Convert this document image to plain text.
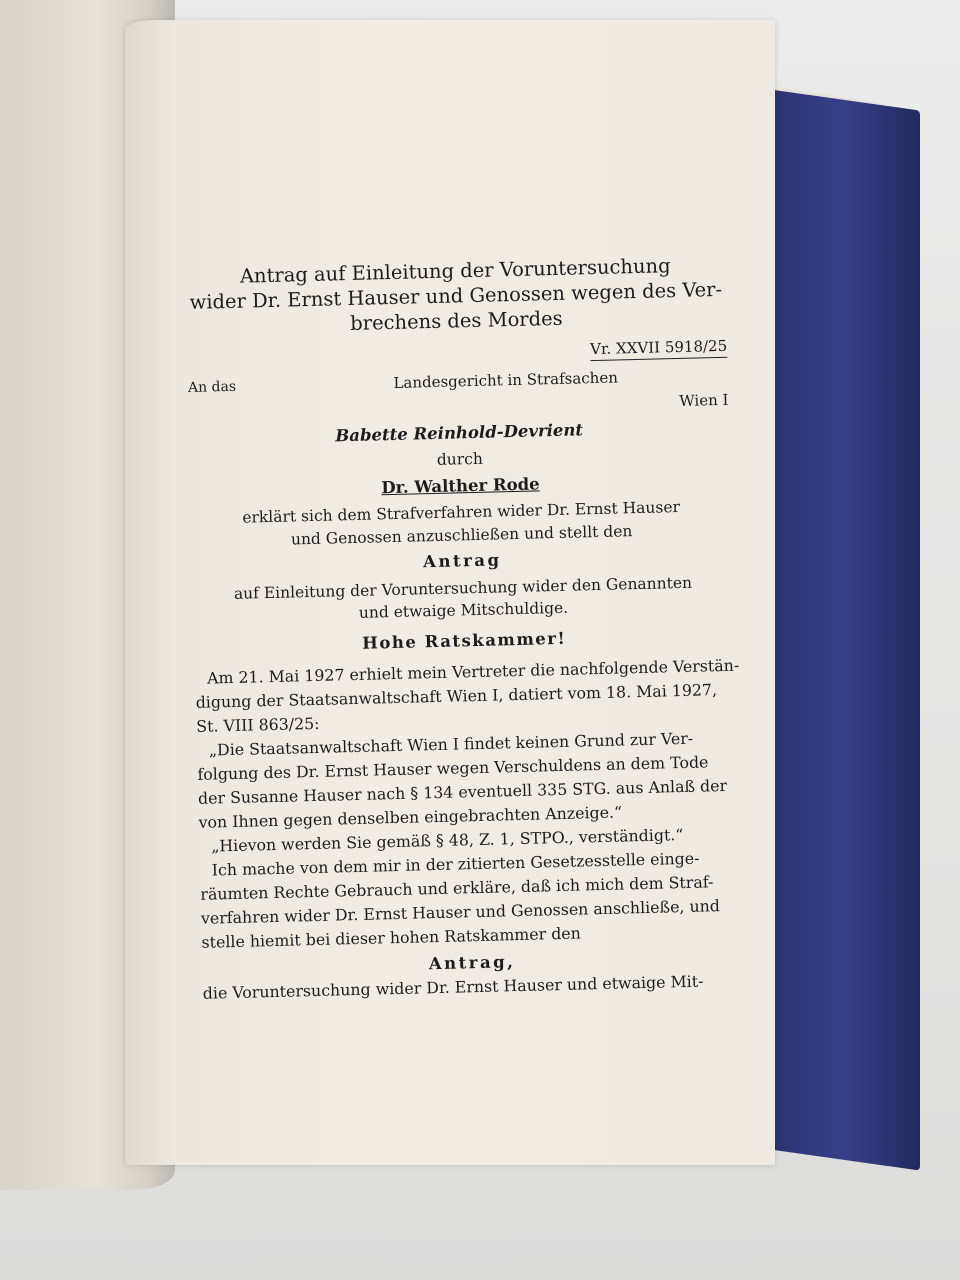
Antrag auf Einleitung der Voruntersuchung
wider Dr. Ernst Hauser und Genossen wegen des Ver-
brechens des Mordes
Vr. XXVII 5918/25
An das	Landesgericht in Strafsachen
Wien I
Babette Reinhold-Devrient
durch
Dr. Walther Rode
erklärt sich dem Strafverfahren wider Dr. Ernst Hauser
und Genossen anzuschließen und stellt den
Antrag
auf Einleitung der Voruntersuchung wider den Genannten
und etwaige Mitschuldige.
Hohe Ratskammer!
Am 21. Mai 1927 erhielt mein Vertreter die nachfolgende Verstän-
digung der Staatsanwaltschaft Wien I, datiert vom 18. Mai 1927,
St. VIII 863/25:
„Die Staatsanwaltschaft Wien I findet keinen Grund zur Ver-
folgung des Dr. Ernst Hauser wegen Verschuldens an dem Tode
der Susanne Hauser nach § 134 eventuell 335 STG. aus Anlaß der
von Ihnen gegen denselben eingebrachten Anzeige.“
„Hievon werden Sie gemäß § 48, Z. 1, STPO., verständigt.“
Ich mache von dem mir in der zitierten Gesetzesstelle einge-
räumten Rechte Gebrauch und erkläre, daß ich mich dem Straf-
verfahren wider Dr. Ernst Hauser und Genossen anschließe, und
stelle hiemit bei dieser hohen Ratskammer den
Antrag,
die Voruntersuchung wider Dr. Ernst Hauser und etwaige Mit-
